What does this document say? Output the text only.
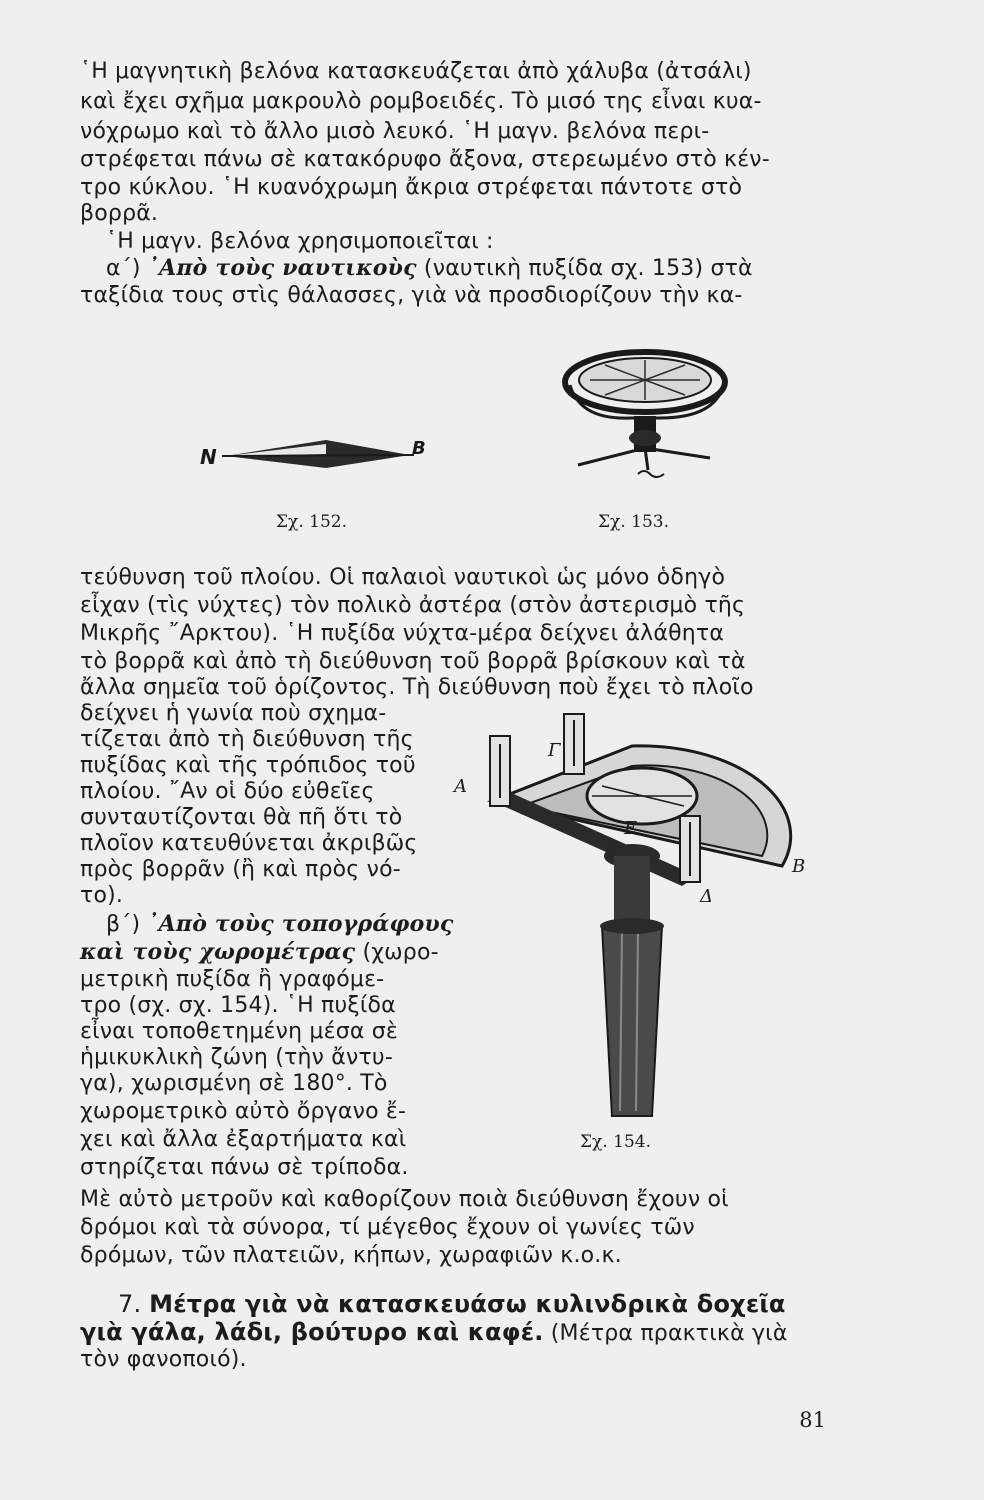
῾Η μαγνητικὴ βελόνα κατασκευάζεται ἀπὸ χάλυβα (ἀτσάλι)
καὶ ἔχει σχῆμα μακρουλὸ ρομβοειδές. Τὸ μισό της εἶναι κυα-
νόχρωμο καὶ τὸ ἄλλο μισὸ λευκό. ῾Η μαγν. βελόνα περι-
στρέφεται πάνω σὲ κατακόρυφο ἄξονα, στερεωμένο στὸ κέν-
τρο κύκλου. ῾Η κυανόχρωμη ἄκρια στρέφεται πάντοτε στὸ
βορρᾶ.
῾Η μαγν. βελόνα χρησιμοποιεῖται :
α΄) ᾿Απὸ τοὺς ναυτικοὺς (ναυτικὴ πυξίδα σχ. 153) στὰ
ταξίδια τους στὶς θάλασσες, γιὰ νὰ προσδιορίζουν τὴν κα-
N	B
Σχ. 152.	Σχ. 153.
τεύθυνση τοῦ πλοίου. Οἱ παλαιοὶ ναυτικοὶ ὡς μόνο ὁδηγὸ
εἶχαν (τὶς νύχτες) τὸν πολικὸ ἀστέρα (στὸν ἀστερισμὸ τῆς
Μικρῆς ῎Αρκτου). ῾Η πυξίδα νύχτα-μέρα δείχνει ἀλάθητα
τὸ βορρᾶ καὶ ἀπὸ τὴ διεύθυνση τοῦ βορρᾶ βρίσκουν καὶ τὰ
ἄλλα σημεῖα τοῦ ὁρίζοντος. Τὴ διεύθυνση ποὺ ἔχει τὸ πλοῖο
δείχνει ἡ γωνία ποὺ σχημα-
τίζεται ἀπὸ τὴ διεύθυνση τῆς
πυξίδας καὶ τῆς τρόπιδος τοῦ
πλοίου. ῎Αν οἱ δύο εὐθεῖες
συνταυτίζονται θὰ πῆ ὅτι τὸ
πλοῖον κατευθύνεται ἀκριβῶς
πρὸς βορρᾶν (ἢ καὶ πρὸς νό-
το).
β΄) ᾿Απὸ τοὺς τοπογράφους
καὶ τοὺς χωρομέτρας (χωρο-
μετρικὴ πυξίδα ἢ γραφόμε-
τρο (σχ. σχ. 154). ῾Η πυξίδα
εἶναι τοποθετημένη μέσα σὲ
ἡμικυκλικὴ ζώνη (τὴν ἄντυ-
γα), χωρισμένη σὲ 180°. Τὸ
χωρομετρικὸ αὐτὸ ὄργανο ἔ-
χει καὶ ἄλλα ἐξαρτήματα καὶ
στηρίζεται πάνω σὲ τρίποδα.
Γ
Α
Ε
Β
Δ
Σχ. 154.
Μὲ αὐτὸ μετροῦν καὶ καθορίζουν ποιὰ διεύθυνση ἔχουν οἱ
δρόμοι καὶ τὰ σύνορα, τί μέγεθος ἔχουν οἱ γωνίες τῶν
δρόμων, τῶν πλατειῶν, κήπων, χωραφιῶν κ.ο.κ.
7. Μέτρα γιὰ νὰ κατασκευάσω κυλινδρικὰ δοχεῖα
γιὰ γάλα, λάδι, βούτυρο καὶ καφέ. (Μέτρα πρακτικὰ γιὰ
τὸν φανοποιό).
81
